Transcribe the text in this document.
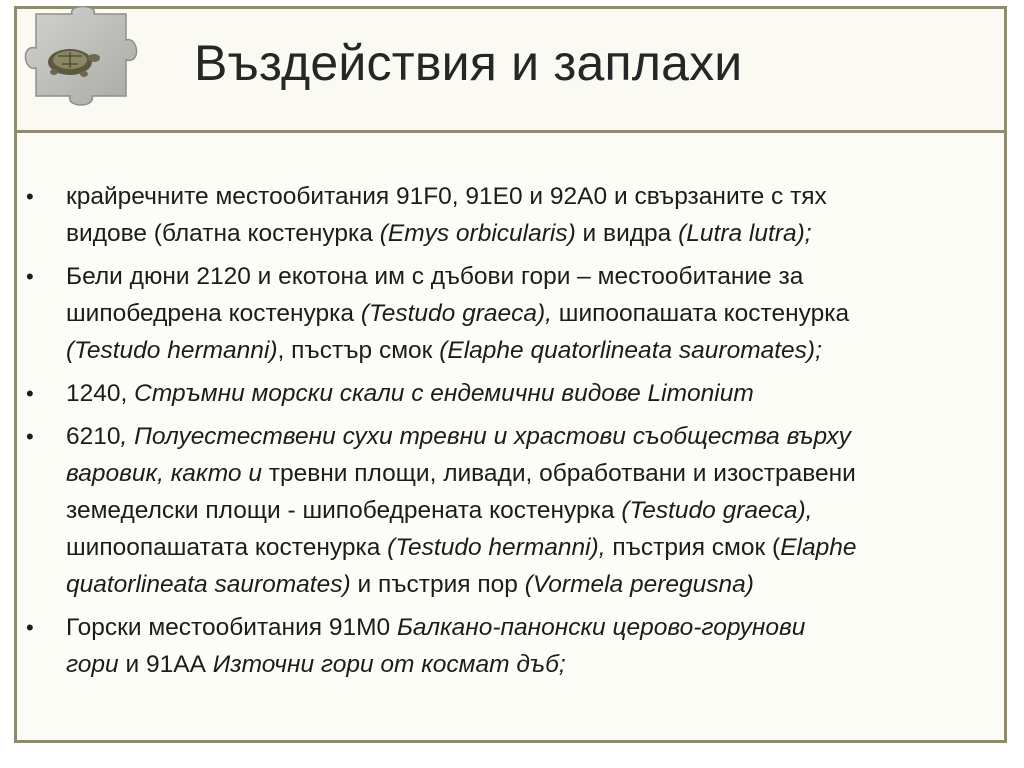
Въздействия и заплахи
• крайречните местообитания 91F0, 91E0 и 92А0 и свързаните с тях
видове (блатна костенурка (Emys orbicularis) и видра (Lutra lutra);
• Бели дюни 2120 и екотона им с дъбови гори – местообитание за
шипобедрена костенурка (Testudo graeca), шипоопашата костенурка
(Testudo hermanni), пъстър смок (Elaphe quatorlineata sauromates);
• 1240, Стръмни морски скали с ендемични видове Limonium
• 6210, Полуестествени сухи тревни и храстови съобщества върху
варовик, както и тревни площи, ливади, обработвани и изостравени
земеделски площи - шипобедрената костенурка (Testudo graeca),
шипоопашатата костенурка (Testudo hermanni), пъстрия смок (Elaphe
quatorlineata sauromates) и пъстрия пор (Vormela peregusna)
• Горски местообитания 91М0 Балкано-панонски церово-горунови
гори и 91АА Източни гори от космат дъб;
